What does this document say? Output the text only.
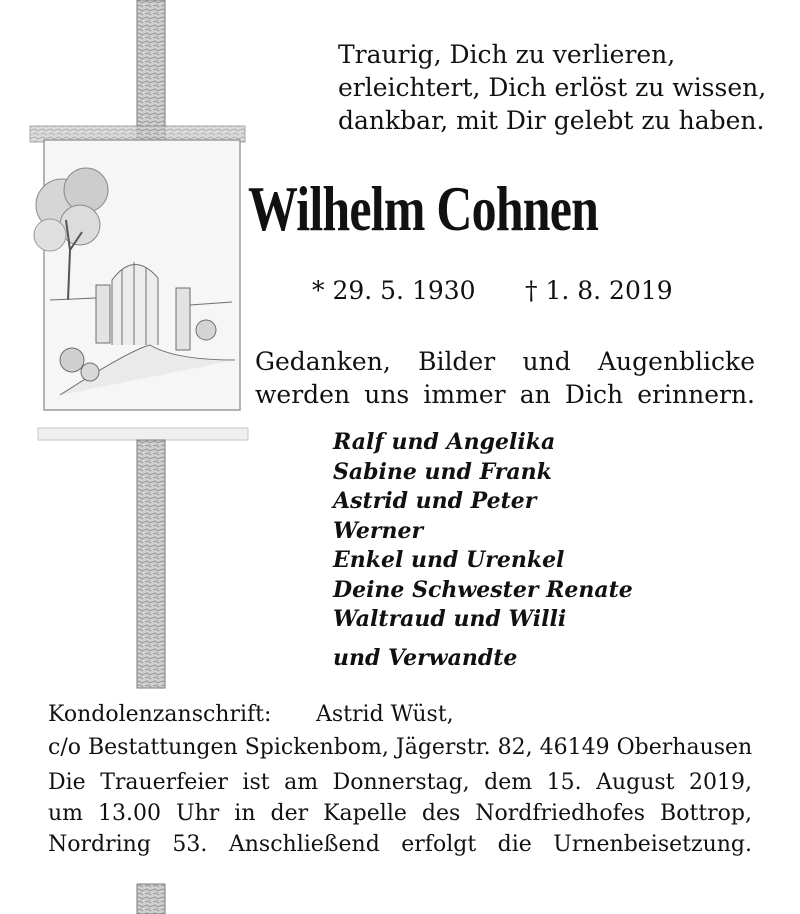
Traurig, Dich zu verlieren,
erleichtert, Dich erlöst zu wissen,
dankbar, mit Dir gelebt zu haben.
Wilhelm Cohnen
* 29. 5. 1930 † 1. 8. 2019
Gedanken, Bilder und Augenblicke
werden uns immer an Dich erinnern.
Ralf und Angelika
Sabine und Frank
Astrid und Peter
Werner
Enkel und Urenkel
Deine Schwester Renate
Waltraud und Willi
und Verwandte
Kondolenzanschrift: Astrid Wüst,
c/o Bestattungen Spickenbom, Jägerstr. 82, 46149 Oberhausen
Die Trauerfeier ist am Donnerstag, dem 15. August 2019,
um 13.00 Uhr in der Kapelle des Nordfriedhofes Bottrop,
Nordring 53. Anschließend erfolgt die Urnenbeisetzung.
